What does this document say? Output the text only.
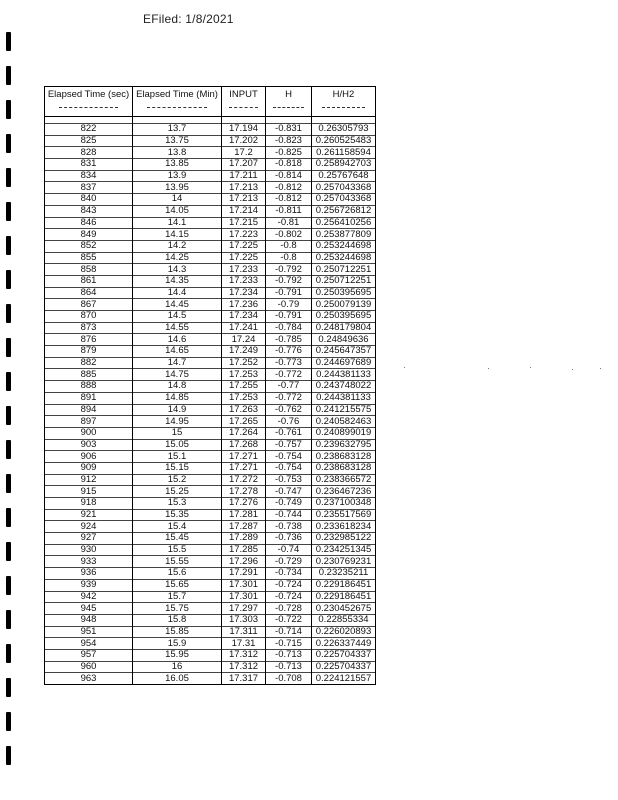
EFiled: 1/8/2021
Elapsed Time (sec)	Elapsed Time (Min)	INPUT	H	H/H2

822	13.7	17.194	-0.831	0.26305793
825	13.75	17.202	-0.823	0.260525483
828	13.8	17.2	-0.825	0.261158594
831	13.85	17.207	-0.818	0.258942703
834	13.9	17.211	-0.814	0.25767648
837	13.95	17.213	-0.812	0.257043368
840	14	17.213	-0.812	0.257043368
843	14.05	17.214	-0.811	0.256726812
846	14.1	17.215	-0.81	0.256410256
849	14.15	17.223	-0.802	0.253877809
852	14.2	17.225	-0.8	0.253244698
855	14.25	17.225	-0.8	0.253244698
858	14.3	17.233	-0.792	0.250712251
861	14.35	17.233	-0.792	0.250712251
864	14.4	17.234	-0.791	0.250395695
867	14.45	17.236	-0.79	0.250079139
870	14.5	17.234	-0.791	0.250395695
873	14.55	17.241	-0.784	0.248179804
876	14.6	17.24	-0.785	0.24849636
879	14.65	17.249	-0.776	0.245647357
882	14.7	17.252	-0.773	0.244697689
885	14.75	17.253	-0.772	0.244381133
888	14.8	17.255	-0.77	0.243748022
891	14.85	17.253	-0.772	0.244381133
894	14.9	17.263	-0.762	0.241215575
897	14.95	17.265	-0.76	0.240582463
900	15	17.264	-0.761	0.240899019
903	15.05	17.268	-0.757	0.239632795
906	15.1	17.271	-0.754	0.238683128
909	15.15	17.271	-0.754	0.238683128
912	15.2	17.272	-0.753	0.238366572
915	15.25	17.278	-0.747	0.236467236
918	15.3	17.276	-0.749	0.237100348
921	15.35	17.281	-0.744	0.235517569
924	15.4	17.287	-0.738	0.233618234
927	15.45	17.289	-0.736	0.232985122
930	15.5	17.285	-0.74	0.234251345
933	15.55	17.296	-0.729	0.230769231
936	15.6	17.291	-0.734	0.23235211
939	15.65	17.301	-0.724	0.229186451
942	15.7	17.301	-0.724	0.229186451
945	15.75	17.297	-0.728	0.230452675
948	15.8	17.303	-0.722	0.22855334
951	15.85	17.311	-0.714	0.226020893
954	15.9	17.31	-0.715	0.226337449
957	15.95	17.312	-0.713	0.225704337
960	16	17.312	-0.713	0.225704337
963	16.05	17.317	-0.708	0.224121557
